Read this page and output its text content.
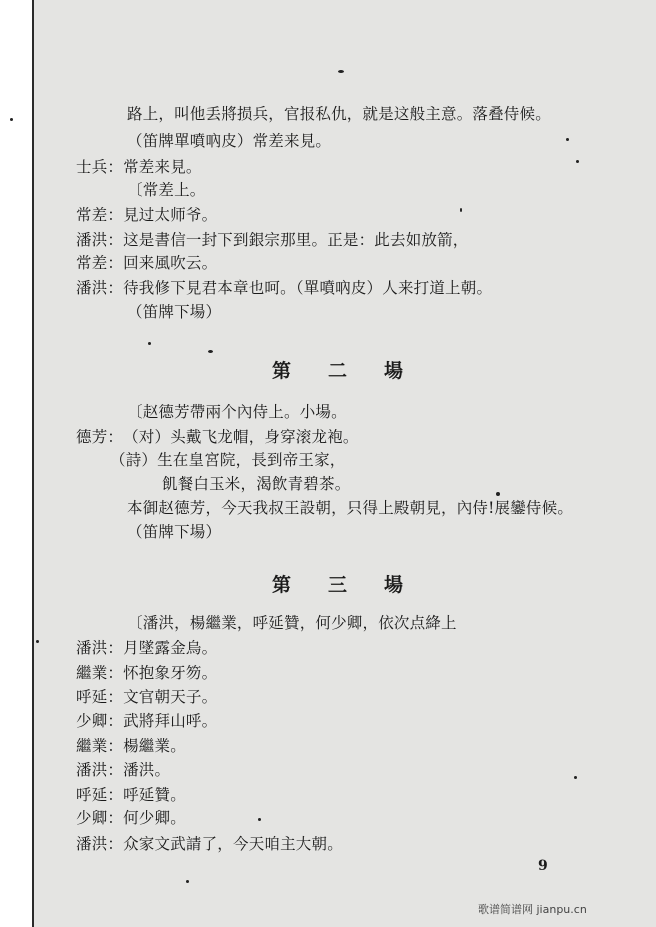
路上，叫他丢將损兵，官报私仇，就是这般主意。落叠侍候。
（笛牌單噴吶皮）常差来見。
士兵：常差来見。
〔常差上。
常差：見过太师爷。
潘洪：这是書信一封下到銀宗那里。正是：此去如放箭，
常差：回来風吹云。
潘洪：待我修下見君本章也呵。（單噴吶皮）人来打道上朝。
（笛牌下場）
第 二 場
〔赵德芳帶兩个內侍上。小場。
德芳：（对）头戴飞龙帽，身穿滚龙袍。
（詩）生在皇宮院，長到帝王家，
飢餐白玉米，渴飲青碧茶。
本御赵德芳，今天我叔王設朝，只得上殿朝見，內侍!展鑾侍候。
（笛牌下場）
第 三 場
〔潘洪，楊繼業，呼延贊，何少卿，依次点絳上
潘洪：月墜露金烏。
繼業：怀抱象牙笏。
呼延：文官朝天子。
少卿：武將拜山呼。
繼業：楊繼業。
潘洪：潘洪。
呼延：呼延贊。
少卿：何少卿。
潘洪：众家文武請了，今天咱主大朝。
9
歌谱简谱网 jianpu.cn
